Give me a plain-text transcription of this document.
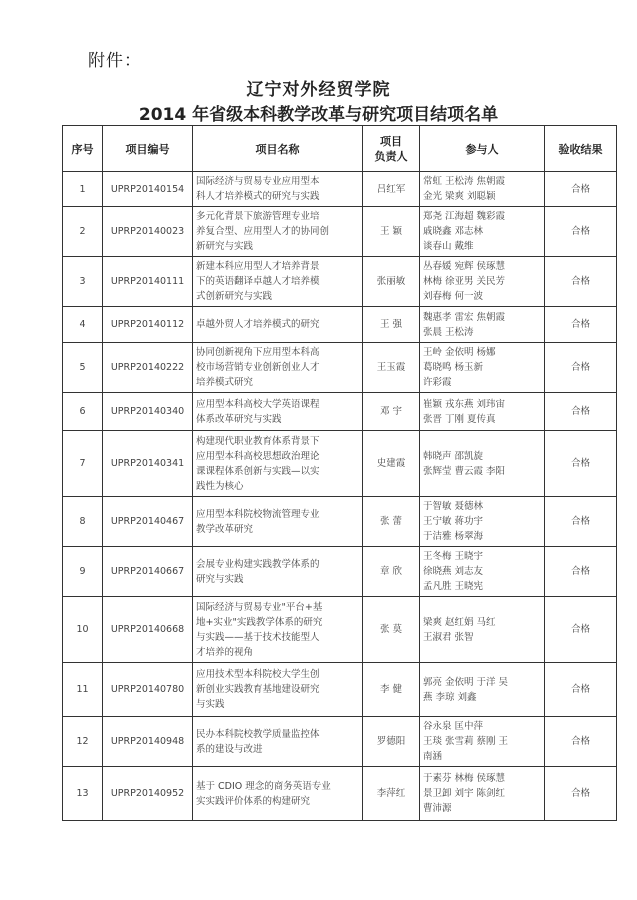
附件：
辽宁对外经贸学院
2014 年省级本科教学改革与研究项目结项名单
序号	项目编号	项目名称	项目
负责人	参与人	验收结果
1	UPRP20140154	国际经济与贸易专业应用型本
科人才培养模式的研究与实践	吕红军	常虹 王松涛 焦朝霞
金光 梁爽 刘聪颖	合格
2	UPRP20140023	多元化背景下旅游管理专业培
养复合型、应用型人才的协同创
新研究与实践	王 颖	郑尧 江海超 魏彩霞
戚晓鑫 邓志林
谈春山 戴维	合格
3	UPRP20140111	新建本科应用型人才培养背景
下的英语翻译卓越人才培养模
式创新研究与实践	张丽敏	丛春媛 宛辉 侯琢慧
林梅 徐亚男 关民芳
刘春梅 何一波	合格
4	UPRP20140112	卓越外贸人才培养模式的研究	王 强	魏惠孝 雷宏 焦朝霞
张晨 王松涛	合格
5	UPRP20140222	协同创新视角下应用型本科高
校市场营销专业创新创业人才
培养模式研究	王玉霞	王岭 金依明 杨娜
葛晓鸣 杨玉新
许彩霞	合格
6	UPRP20140340	应用型本科高校大学英语课程
体系改革研究与实践	邓 宇	崔颖 戎东燕 刘玮宙
张晋 丁刚 夏传真	合格
7	UPRP20140341	构建现代职业教育体系背景下
应用型本科高校思想政治理论
课课程体系创新与实践—以实
践性为核心	史建霞	韩晓声 邵凯旋
张辉莹 曹云霞 李阳	合格
8	UPRP20140467	应用型本科院校物流管理专业
教学改革研究	张 蕾	于智敏 聂德林
王宁敏 蒋功宇
于洁雅 杨翠海	合格
9	UPRP20140667	会展专业构建实践教学体系的
研究与实践	章 欣	王冬梅 王晓宇
徐晓燕 刘志友
孟凡胜 王晓宪	合格
10	UPRP20140668	国际经济与贸易专业"平台+基
地+实业"实践教学体系的研究
与实践——基于技术技能型人
才培养的视角	张 莫	梁爽 赵红娟 马红
王淑君 张智	合格
11	UPRP20140780	应用技术型本科院校大学生创
新创业实践教育基地建设研究
与实践	李 健	郭亮 金依明 于洋 吴
燕 李琼 刘鑫	合格
12	UPRP20140948	民办本科院校教学质量监控体
系的建设与改进	罗德阳	谷永泉 匡中萍
王琰 张雪莉 蔡刚 王
南涵	合格
13	UPRP20140952	基于 CDIO 理念的商务英语专业
实实践评价体系的构建研究	李萍红	于素芬 林梅 侯琢慧
景卫卸 刘宇 陈剑红
曹沛源	合格
